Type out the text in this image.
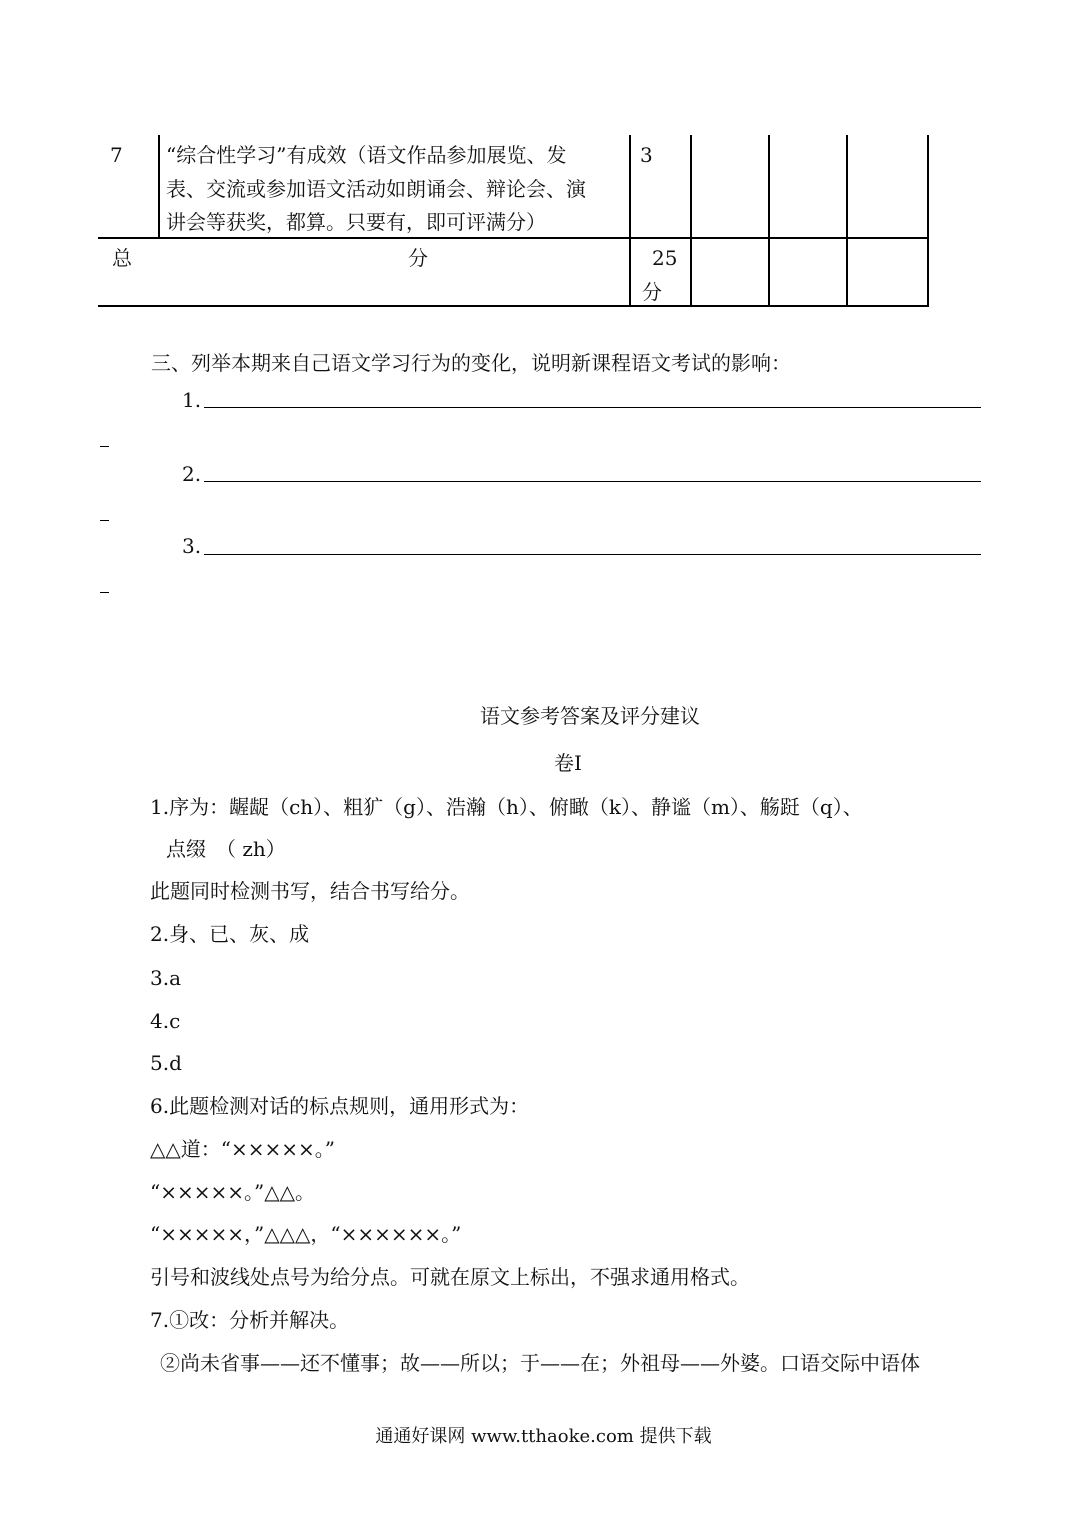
7 “综合性学习”有成效（语文作品参加展览、发
表、交流或参加语文活动如朗诵会、辩论会、演
讲会等获奖，都算。只要有，即可评满分）
3
总	分	25
分
三、列举本期来自己语文学习行为的变化，说明新课程语文考试的影响：
1.
2.
3.
语文参考答案及评分建议
卷Ⅰ
1.序为：龌龊（ch）、粗犷（g）、浩瀚（h）、俯瞰（k）、静谧（m）、觞跹（q）、
点缀　（ zh）
此题同时检测书写，结合书写给分。
2.身、已、灰、成
3.a
4.c
5.d
6.此题检测对话的标点规则，通用形式为：
△△道：“×××××。”
“×××××。”△△。
“×××××，”△△△，“××××××。”
引号和波线处点号为给分点。可就在原文上标出，不强求通用格式。
7.①改：分析并解决。
②尚未省事——还不懂事；故——所以；于——在；外祖母——外婆。口语交际中语体
通通好课网 www.tthaoke.com 提供下载
